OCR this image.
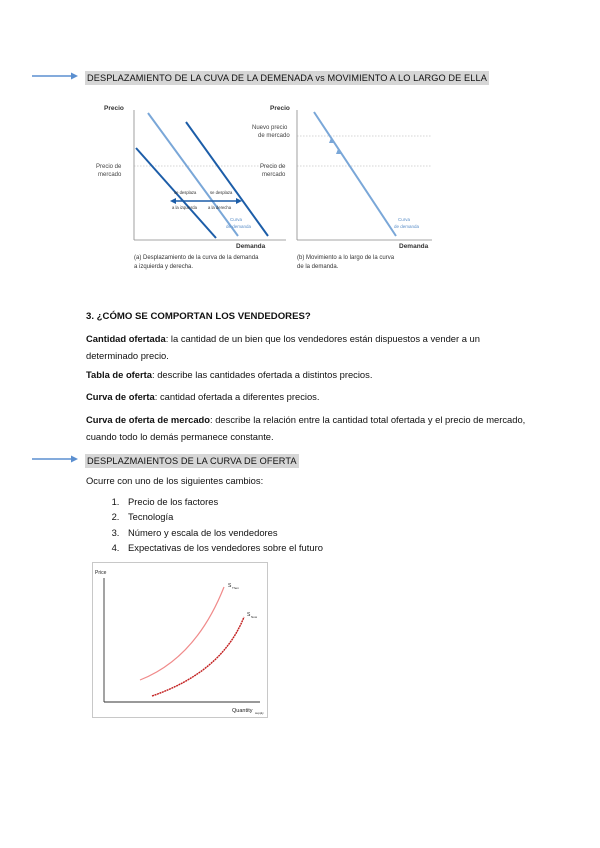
DESPLAZAMIENTO DE LA CUVA DE LA DEMENADA vs MOVIMIENTO A LO LARGO DE ELLA
Precio
Precio de
mercado
se desplaza
a la izquierda
se desplaza
a la derecha
Curva
de demanda
Demanda
(a) Desplazamiento de la curva de la demanda
a izquierda y derecha.
Precio
Nuevo precio
de mercado
Precio de
mercado
Curva
de demanda
Demanda
(b) Movimiento a lo largo de la curva
de la demanda.
3. ¿CÓMO SE COMPORTAN LOS VENDEDORES?
Cantidad ofertada: la cantidad de un bien que los vendedores están dispuestos a vender a un determinado precio.
Tabla de oferta: describe las cantidades ofertada a distintos precios.
Curva de oferta: cantidad ofertada a diferentes precios.
Curva de oferta de mercado: describe la relación entre la cantidad total ofertada y el precio de mercado, cuando todo lo demás permanece constante.
DESPLAZMAIENTOS DE LA CURVA DE OFERTA
Ocurre con uno de los siguientes cambios:
1. Precio de los factores
2. Tecnología
3. Número y escala de los vendedores
4. Expectativas de los vendedores sobre el futuro
Price
Quantity supply
S Then
S Now
